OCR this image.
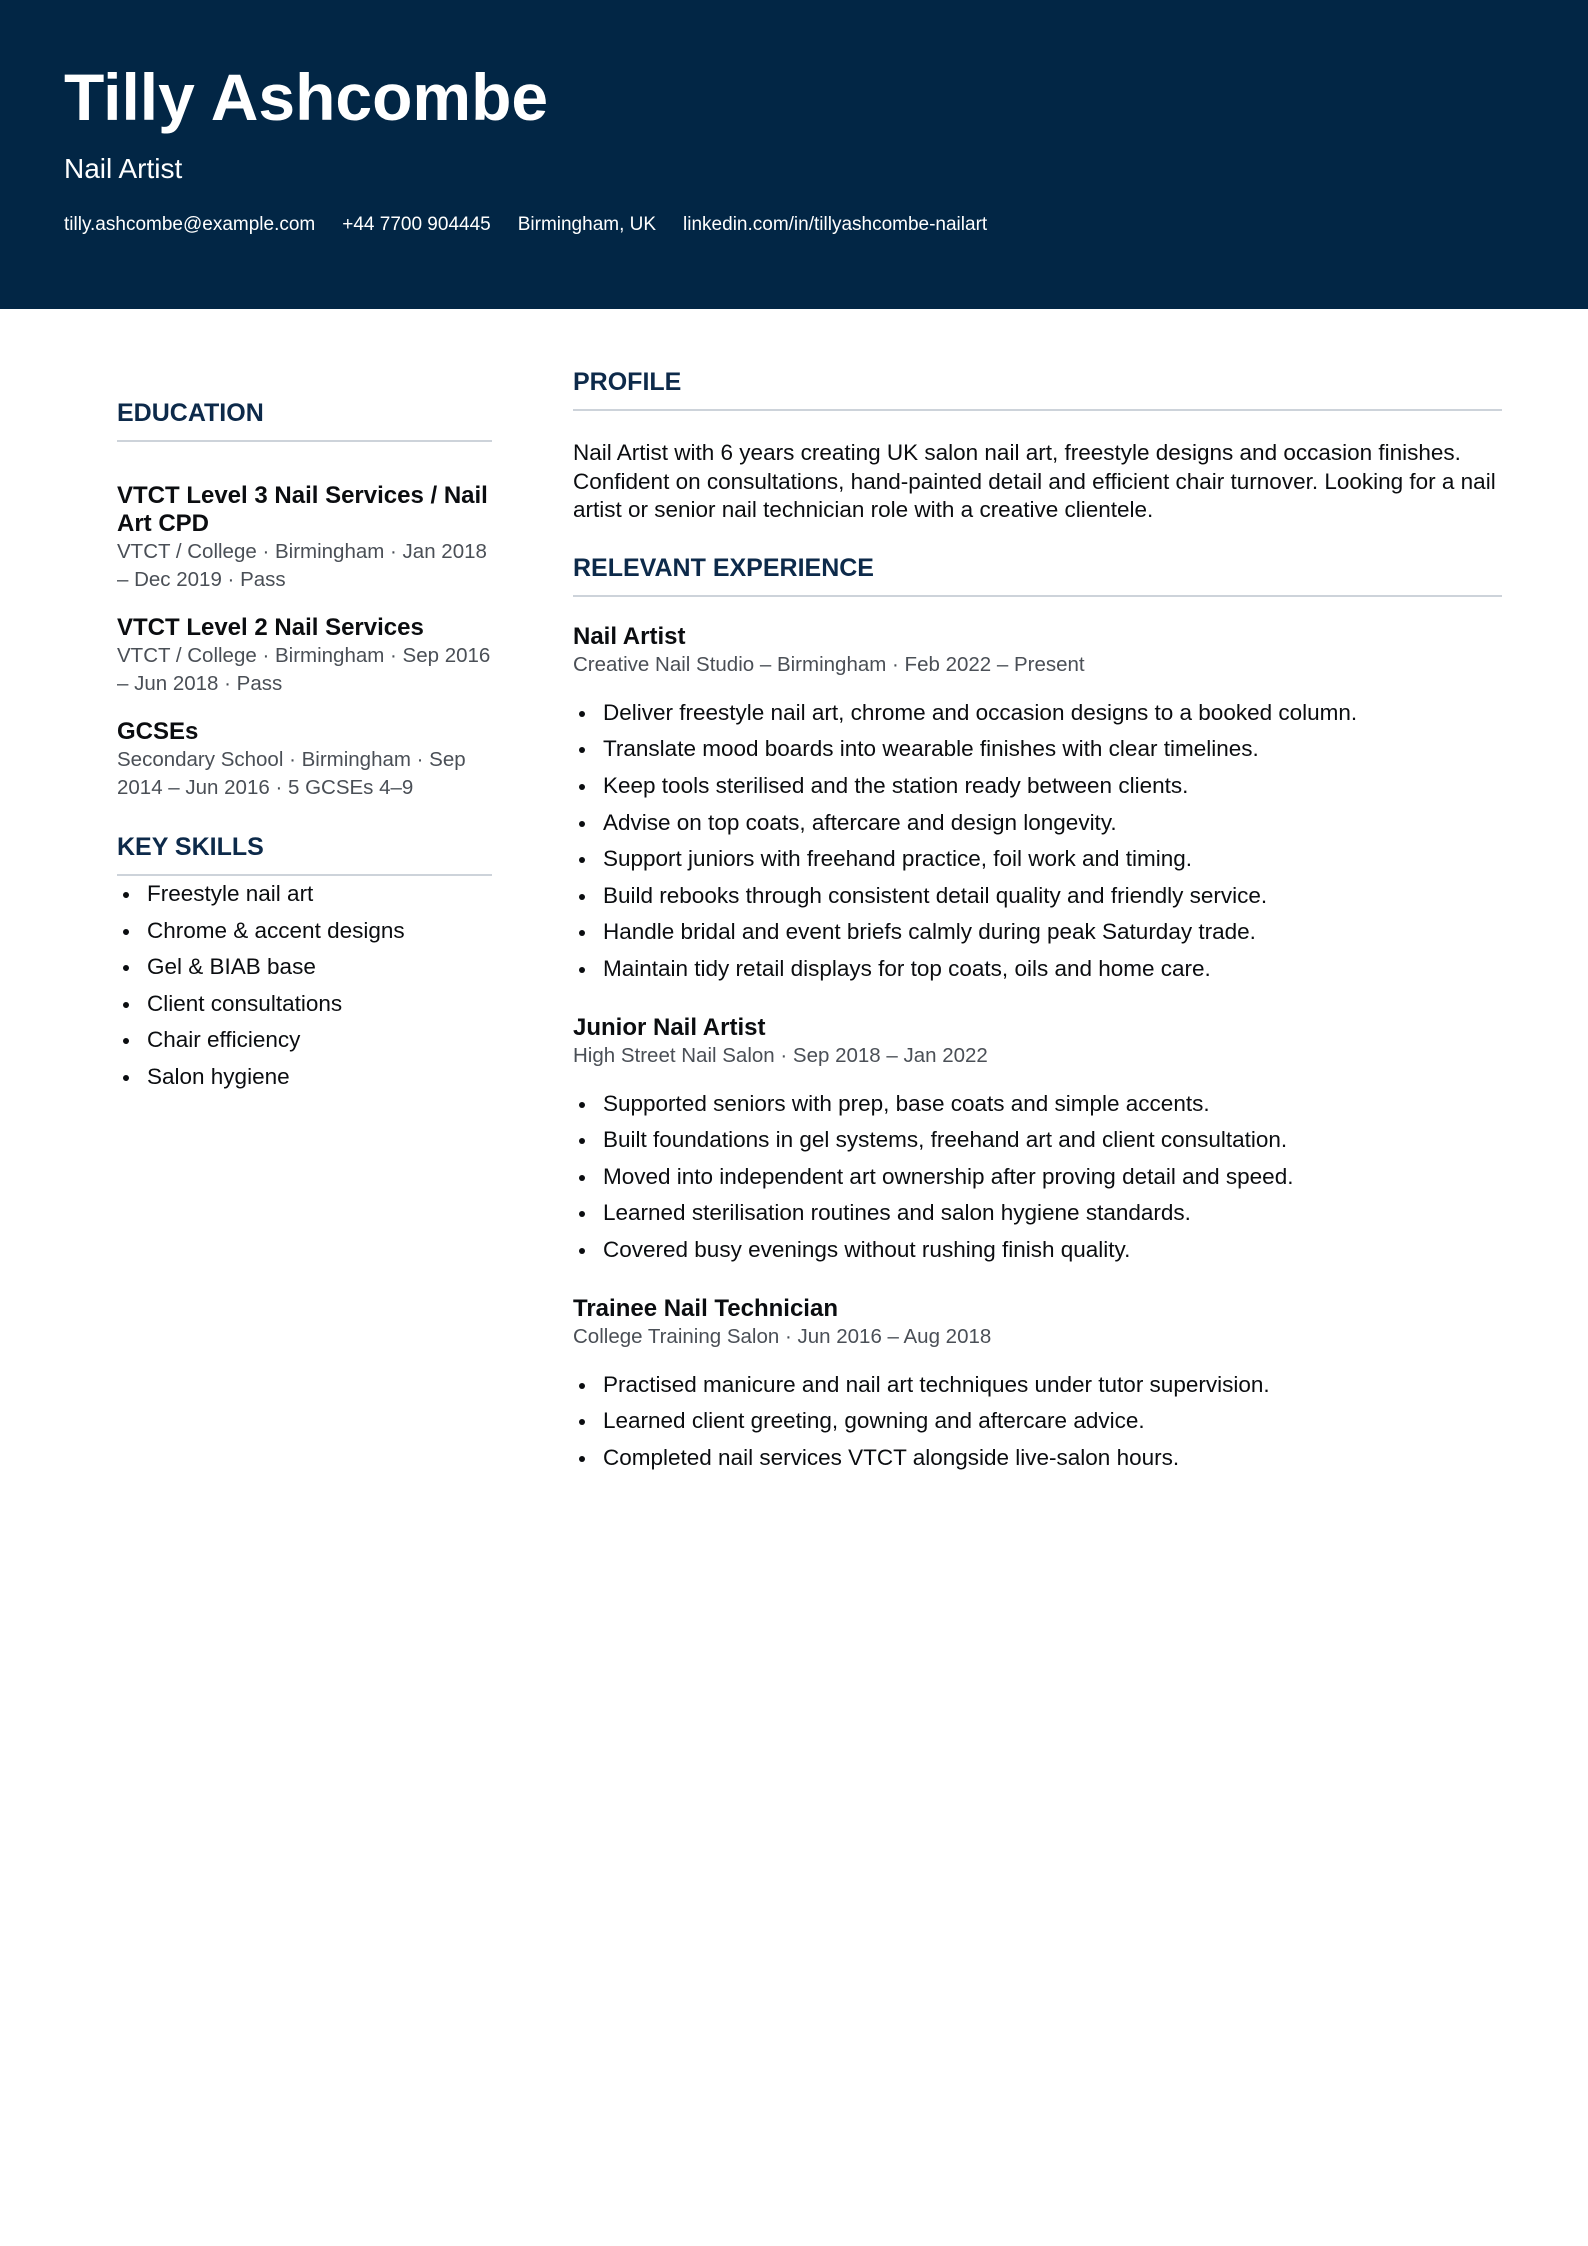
Tilly Ashcombe
Nail Artist
tilly.ashcombe@example.com +44 7700 904445 Birmingham, UK linkedin.com/in/tillyashcombe-nailart
EDUCATION
VTCT Level 3 Nail Services / Nail Art CPD
VTCT / College · Birmingham · Jan 2018 – Dec 2019 · Pass
VTCT Level 2 Nail Services
VTCT / College · Birmingham · Sep 2016 – Jun 2018 · Pass
GCSEs
Secondary School · Birmingham · Sep 2014 – Jun 2016 · 5 GCSEs 4–9
KEY SKILLS
Freestyle nail art
Chrome & accent designs
Gel & BIAB base
Client consultations
Chair efficiency
Salon hygiene
PROFILE
Nail Artist with 6 years creating UK salon nail art, freestyle designs and occasion finishes. Confident on consultations, hand-painted detail and efficient chair turnover. Looking for a nail artist or senior nail technician role with a creative clientele.
RELEVANT EXPERIENCE
Nail Artist
Creative Nail Studio – Birmingham · Feb 2022 – Present
Deliver freestyle nail art, chrome and occasion designs to a booked column.
Translate mood boards into wearable finishes with clear timelines.
Keep tools sterilised and the station ready between clients.
Advise on top coats, aftercare and design longevity.
Support juniors with freehand practice, foil work and timing.
Build rebooks through consistent detail quality and friendly service.
Handle bridal and event briefs calmly during peak Saturday trade.
Maintain tidy retail displays for top coats, oils and home care.
Junior Nail Artist
High Street Nail Salon · Sep 2018 – Jan 2022
Supported seniors with prep, base coats and simple accents.
Built foundations in gel systems, freehand art and client consultation.
Moved into independent art ownership after proving detail and speed.
Learned sterilisation routines and salon hygiene standards.
Covered busy evenings without rushing finish quality.
Trainee Nail Technician
College Training Salon · Jun 2016 – Aug 2018
Practised manicure and nail art techniques under tutor supervision.
Learned client greeting, gowning and aftercare advice.
Completed nail services VTCT alongside live-salon hours.
